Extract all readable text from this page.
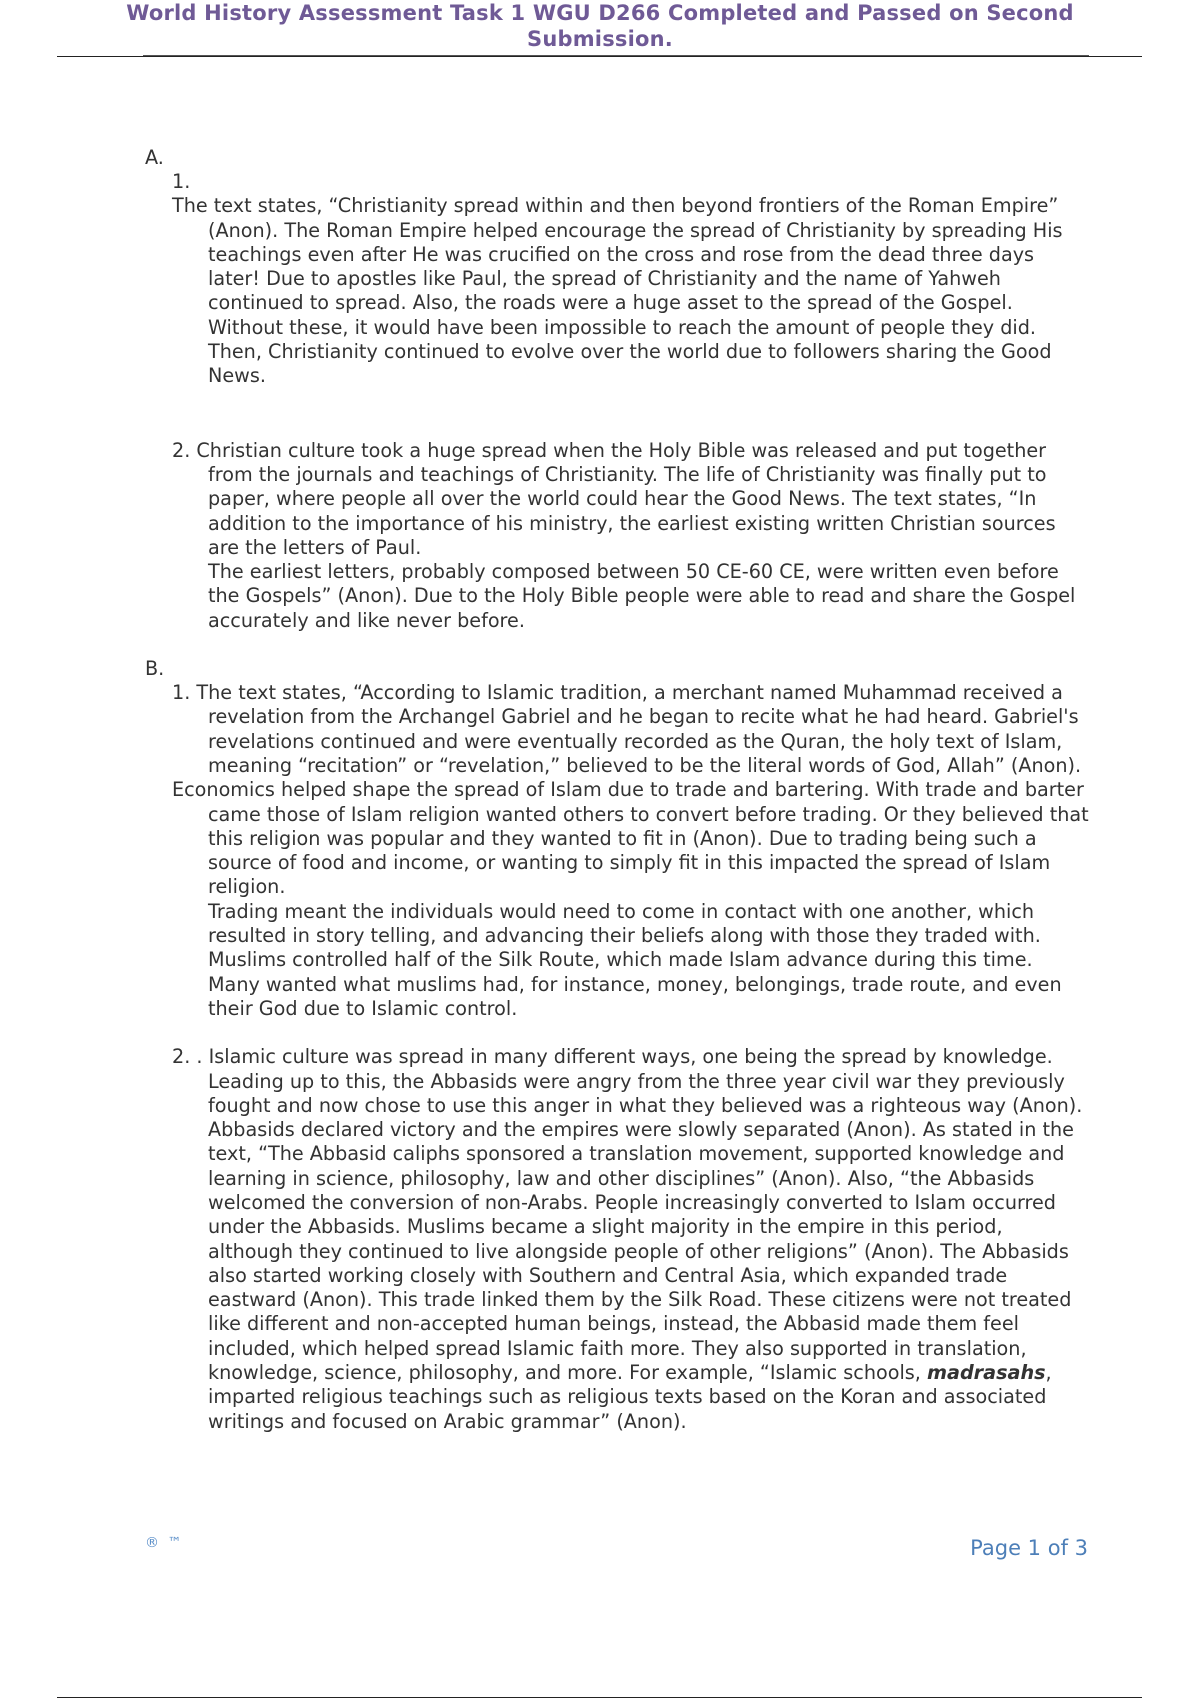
World History Assessment Task 1 WGU D266 Completed and Passed on Second Submission.

A.

1.

The text states, “Christianity spread within and then beyond frontiers of the Roman Empire” (Anon). The Roman Empire helped encourage the spread of Christianity by spreading His teachings even after He was crucified on the cross and rose from the dead three days later! Due to apostles like Paul, the spread of Christianity and the name of Yahweh continued to spread. Also, the roads were a huge asset to the spread of the Gospel. Without these, it would have been impossible to reach the amount of people they did. Then, Christianity continued to evolve over the world due to followers sharing the Good News.

2. Christian culture took a huge spread when the Holy Bible was released and put together from the journals and teachings of Christianity. The life of Christianity was finally put to paper, where people all over the world could hear the Good News. The text states, “In addition to the importance of his ministry, the earliest existing written Christian sources are the letters of Paul.

The earliest letters, probably composed between 50 CE-60 CE, were written even before the Gospels” (Anon). Due to the Holy Bible people were able to read and share the Gospel accurately and like never before.

B.

1. The text states, “According to Islamic tradition, a merchant named Muhammad received a revelation from the Archangel Gabriel and he began to recite what he had heard. Gabriel's revelations continued and were eventually recorded as the Quran, the holy text of Islam, meaning “recitation” or “revelation,” believed to be the literal words of God, Allah” (Anon).

Economics helped shape the spread of Islam due to trade and bartering. With trade and barter came those of Islam religion wanted others to convert before trading. Or they believed that this religion was popular and they wanted to fit in (Anon). Due to trading being such a source of food and income, or wanting to simply fit in this impacted the spread of Islam religion.

Trading meant the individuals would need to come in contact with one another, which resulted in story telling, and advancing their beliefs along with those they traded with. Muslims controlled half of the Silk Route, which made Islam advance during this time. Many wanted what muslims had, for instance, money, belongings, trade route, and even their God due to Islamic control.

2. . Islamic culture was spread in many different ways, one being the spread by knowledge. Leading up to this, the Abbasids were angry from the three year civil war they previously fought and now chose to use this anger in what they believed was a righteous way (Anon). Abbasids declared victory and the empires were slowly separated (Anon). As stated in the text, “The Abbasid caliphs sponsored a translation movement, supported knowledge and learning in science, philosophy, law and other disciplines” (Anon). Also, “the Abbasids welcomed the conversion of non-Arabs. People increasingly converted to Islam occurred under the Abbasids. Muslims became a slight majority in the empire in this period, although they continued to live alongside people of other religions” (Anon). The Abbasids also started working closely with Southern and Central Asia, which expanded trade eastward (Anon). This trade linked them by the Silk Road. These citizens were not treated like different and non-accepted human beings, instead, the Abbasid made them feel included, which helped spread Islamic faith more. They also supported in translation, knowledge, science, philosophy, and more. For example, “Islamic schools, madrasahs, imparted religious teachings such as religious texts based on the Koran and associated writings and focused on Arabic grammar” (Anon).

® ™	Page 1 of 3
